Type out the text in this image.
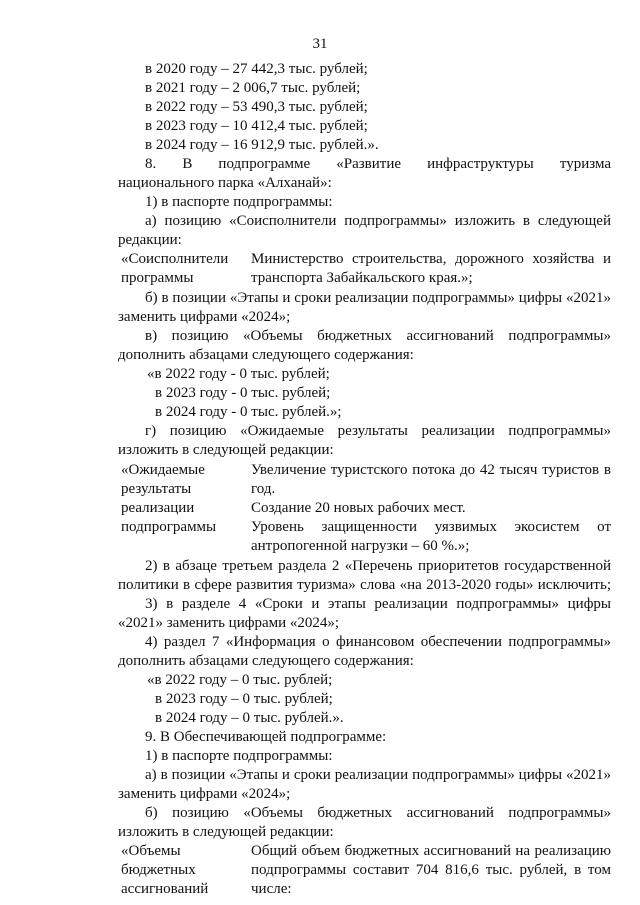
31
в 2020 году – 27 442,3 тыс. рублей;
в 2021 году – 2 006,7 тыс. рублей;
в 2022 году – 53 490,3 тыс. рублей;
в 2023 году – 10 412,4 тыс. рублей;
в 2024 году – 16 912,9 тыс. рублей.».
8. В подпрограмме «Развитие инфраструктуры туризма
национального парка «Алханай»:
1) в паспорте подпрограммы:
а) позицию «Соисполнители подпрограммы» изложить в следующей
редакции:
«Соисполнители
программы
Министерство строительства, дорожного хозяйства и
транспорта Забайкальского края.»;
б) в позиции «Этапы и сроки реализации подпрограммы» цифры «2021»
заменить цифрами «2024»;
в) позицию «Объемы бюджетных ассигнований подпрограммы»
дополнить абзацами следующего содержания:
«в 2022 году - 0 тыс. рублей;
в 2023 году - 0 тыс. рублей;
в 2024 году - 0 тыс. рублей.»;
г) позицию «Ожидаемые результаты реализации подпрограммы»
изложить в следующей редакции:
«Ожидаемые
результаты
реализации
подпрограммы
Увеличение туристского потока до 42 тысяч туристов в
год.
Создание 20 новых рабочих мест.
Уровень защищенности уязвимых экосистем от
антропогенной нагрузки – 60 %.»;
2) в абзаце третьем раздела 2 «Перечень приоритетов государственной
политики в сфере развития туризма» слова «на 2013-2020 годы» исключить;
3) в разделе 4 «Сроки и этапы реализации подпрограммы» цифры
«2021» заменить цифрами «2024»;
4) раздел 7 «Информация о финансовом обеспечении подпрограммы»
дополнить абзацами следующего содержания:
«в 2022 году – 0 тыс. рублей;
в 2023 году – 0 тыс. рублей;
в 2024 году – 0 тыс. рублей.».
9. В Обеспечивающей подпрограмме:
1) в паспорте подпрограммы:
а) в позиции «Этапы и сроки реализации подпрограммы» цифры «2021»
заменить цифрами «2024»;
б) позицию «Объемы бюджетных ассигнований подпрограммы»
изложить в следующей редакции:
«Объемы
бюджетных
ассигнований
Общий объем бюджетных ассигнований на реализацию
подпрограммы составит 704 816,6 тыс. рублей, в том
числе:
